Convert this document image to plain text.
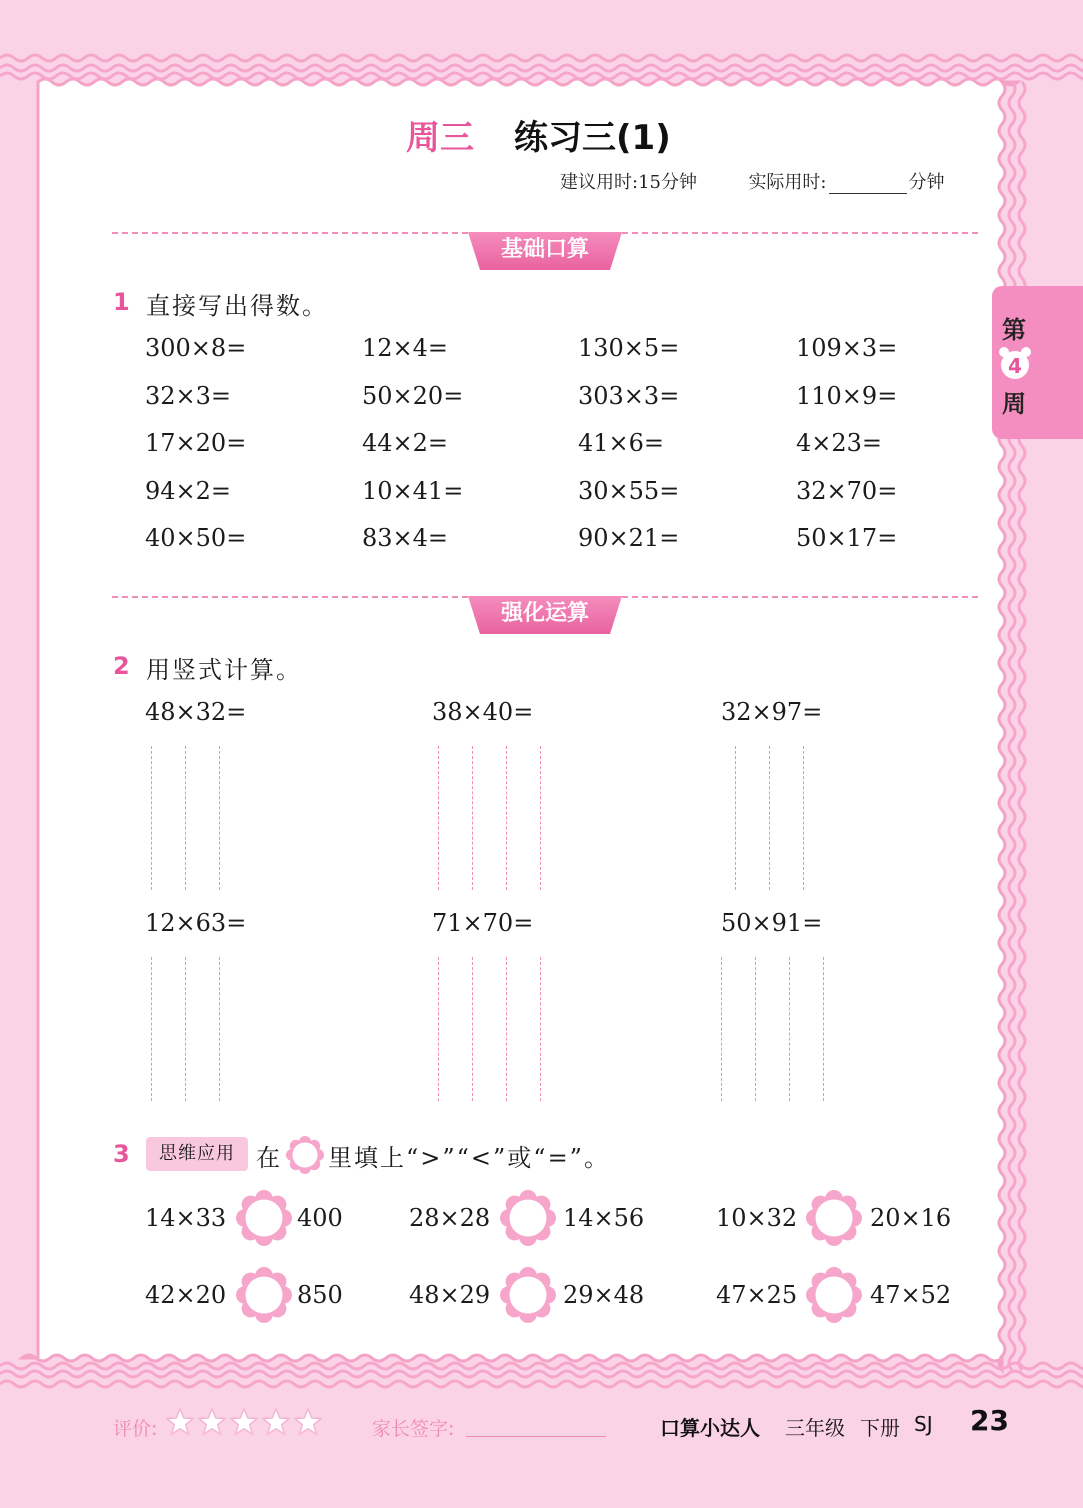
周三 练习三(1)
建议用时:15分钟	实际用时:	分钟
第
4
周
基础口算
1 直接写出得数。
300×8=	12×4=	130×5=	109×3=
32×3=	50×20=	303×3=	110×9=
17×20=	44×2=	41×6=	4×23=
94×2=	10×41=	30×55=	32×70=
40×50=	83×4=	90×21=	50×17=
强化运算
2 用竖式计算。
48×32=	38×40=	32×97=
12×63=	71×70=	50×91=
3	思维应用 在 里填上“>”“<”或“=”。
14×33	400	28×28	14×56	10×32	20×16
42×20	850	48×29	29×48	47×25	47×52
评价:	家长签字:	口算小达人 三年级 下册 SJ 23
